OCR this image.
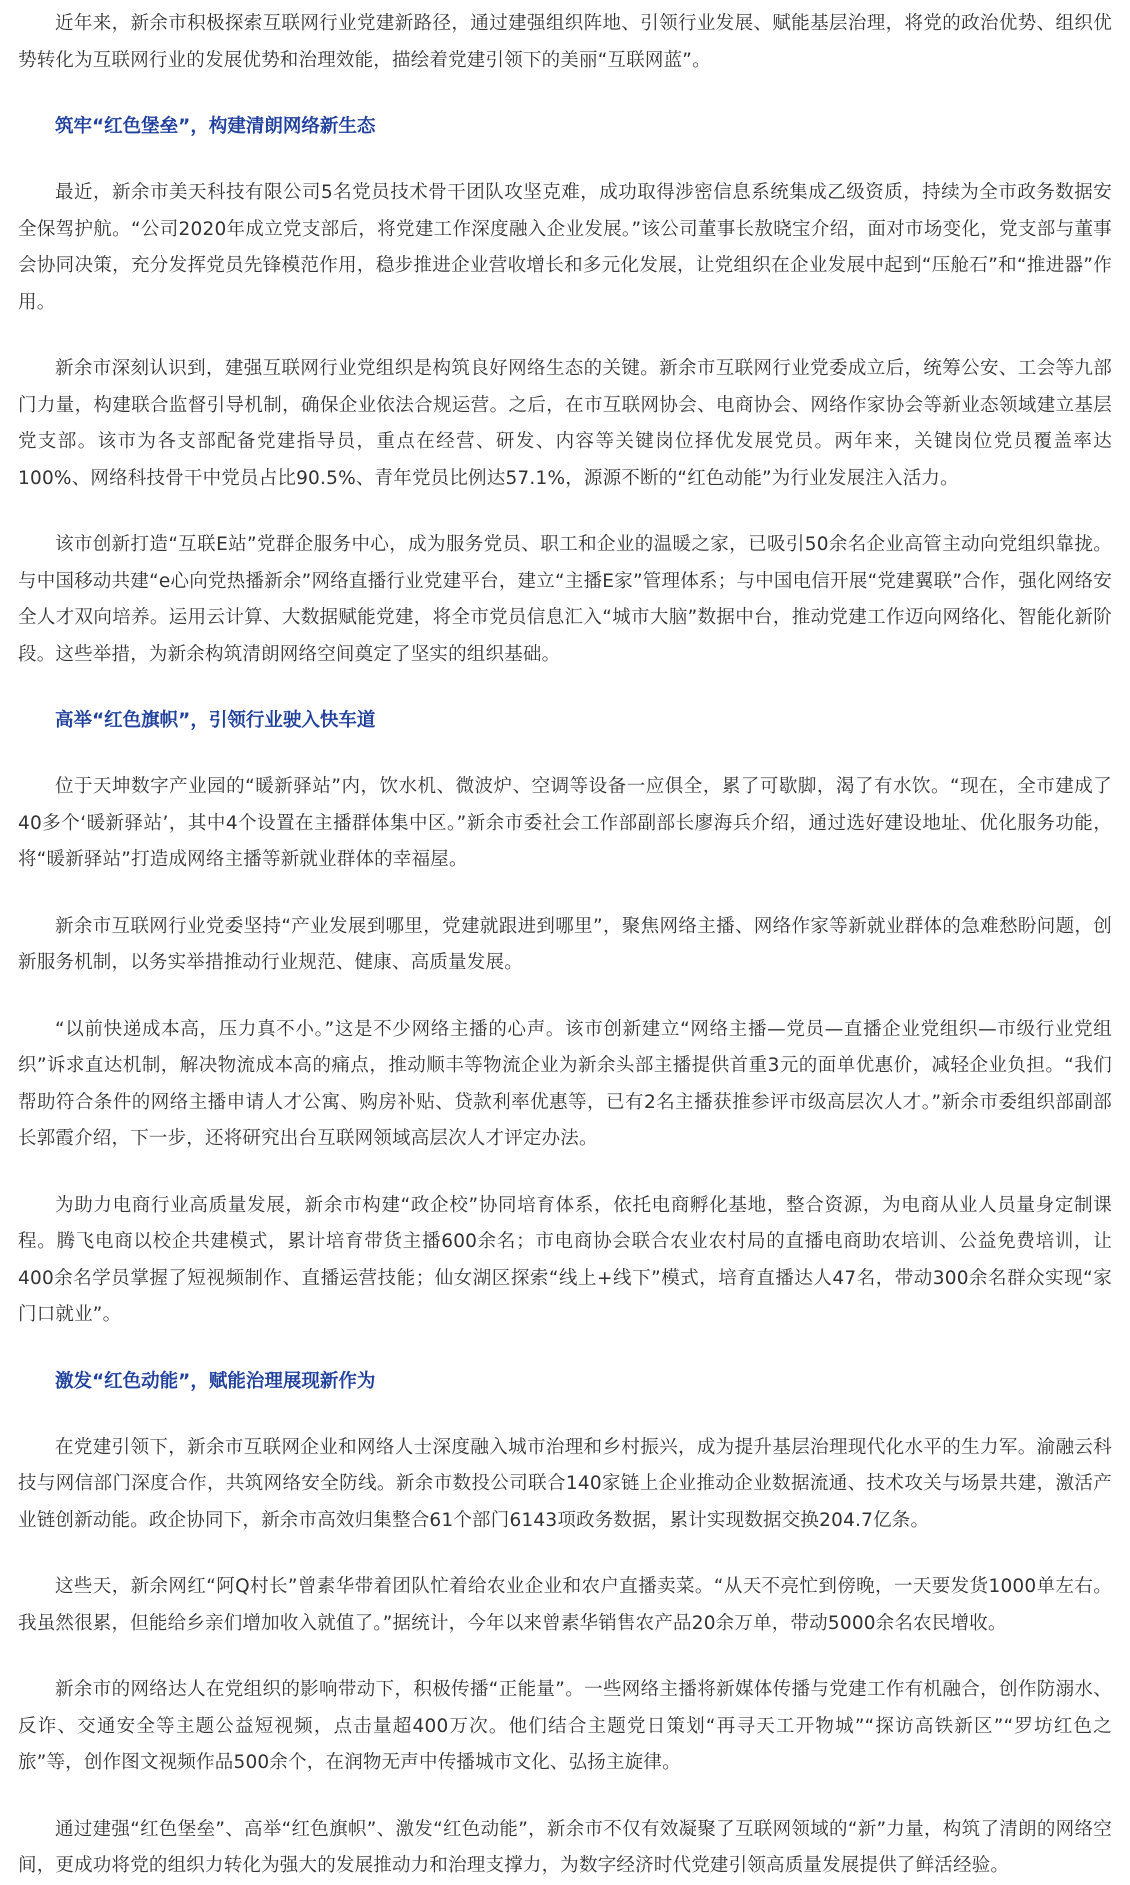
近年来，新余市积极探索互联网行业党建新路径，通过建强组织阵地、引领行业发展、赋能基层治理，将党的政治优势、组织优势转化为互联网行业的发展优势和治理效能，描绘着党建引领下的美丽“互联网蓝”。

筑牢“红色堡垒”，构建清朗网络新生态

最近，新余市美天科技有限公司5名党员技术骨干团队攻坚克难，成功取得涉密信息系统集成乙级资质，持续为全市政务数据安全保驾护航。“公司2020年成立党支部后，将党建工作深度融入企业发展。”该公司董事长敖晓宝介绍，面对市场变化，党支部与董事会协同决策，充分发挥党员先锋模范作用，稳步推进企业营收增长和多元化发展，让党组织在企业发展中起到“压舱石”和“推进器”作用。

新余市深刻认识到，建强互联网行业党组织是构筑良好网络生态的关键。新余市互联网行业党委成立后，统筹公安、工会等九部门力量，构建联合监督引导机制，确保企业依法合规运营。之后，在市互联网协会、电商协会、网络作家协会等新业态领域建立基层党支部。该市为各支部配备党建指导员，重点在经营、研发、内容等关键岗位择优发展党员。两年来，关键岗位党员覆盖率达100%、网络科技骨干中党员占比90.5%、青年党员比例达57.1%，源源不断的“红色动能”为行业发展注入活力。

该市创新打造“互联E站”党群企服务中心，成为服务党员、职工和企业的温暖之家，已吸引50余名企业高管主动向党组织靠拢。与中国移动共建“e心向党热播新余”网络直播行业党建平台，建立“主播E家”管理体系；与中国电信开展“党建翼联”合作，强化网络安全人才双向培养。运用云计算、大数据赋能党建，将全市党员信息汇入“城市大脑”数据中台，推动党建工作迈向网络化、智能化新阶段。这些举措，为新余构筑清朗网络空间奠定了坚实的组织基础。

高举“红色旗帜”，引领行业驶入快车道

位于天坤数字产业园的“暖新驿站”内，饮水机、微波炉、空调等设备一应俱全，累了可歇脚，渴了有水饮。“现在，全市建成了40多个‘暖新驿站’，其中4个设置在主播群体集中区。”新余市委社会工作部副部长廖海兵介绍，通过选好建设地址、优化服务功能，将“暖新驿站”打造成网络主播等新就业群体的幸福屋。

新余市互联网行业党委坚持“产业发展到哪里，党建就跟进到哪里”，聚焦网络主播、网络作家等新就业群体的急难愁盼问题，创新服务机制，以务实举措推动行业规范、健康、高质量发展。

“以前快递成本高，压力真不小。”这是不少网络主播的心声。该市创新建立“网络主播—党员—直播企业党组织—市级行业党组织”诉求直达机制，解决物流成本高的痛点，推动顺丰等物流企业为新余头部主播提供首重3元的面单优惠价，减轻企业负担。“我们帮助符合条件的网络主播申请人才公寓、购房补贴、贷款利率优惠等，已有2名主播获推参评市级高层次人才。”新余市委组织部副部长郭霞介绍，下一步，还将研究出台互联网领域高层次人才评定办法。

为助力电商行业高质量发展，新余市构建“政企校”协同培育体系，依托电商孵化基地，整合资源，为电商从业人员量身定制课程。腾飞电商以校企共建模式，累计培育带货主播600余名；市电商协会联合农业农村局的直播电商助农培训、公益免费培训，让400余名学员掌握了短视频制作、直播运营技能；仙女湖区探索“线上+线下”模式，培育直播达人47名，带动300余名群众实现“家门口就业”。

激发“红色动能”，赋能治理展现新作为

在党建引领下，新余市互联网企业和网络人士深度融入城市治理和乡村振兴，成为提升基层治理现代化水平的生力军。渝融云科技与网信部门深度合作，共筑网络安全防线。新余市数投公司联合140家链上企业推动企业数据流通、技术攻关与场景共建，激活产业链创新动能。政企协同下，新余市高效归集整合61个部门6143项政务数据，累计实现数据交换204.7亿条。

这些天，新余网红“阿Q村长”曾素华带着团队忙着给农业企业和农户直播卖菜。“从天不亮忙到傍晚，一天要发货1000单左右。我虽然很累，但能给乡亲们增加收入就值了。”据统计，今年以来曾素华销售农产品20余万单，带动5000余名农民增收。

新余市的网络达人在党组织的影响带动下，积极传播“正能量”。一些网络主播将新媒体传播与党建工作有机融合，创作防溺水、反诈、交通安全等主题公益短视频，点击量超400万次。他们结合主题党日策划“再寻天工开物城”“探访高铁新区”“罗坊红色之旅”等，创作图文视频作品500余个，在润物无声中传播城市文化、弘扬主旋律。

通过建强“红色堡垒”、高举“红色旗帜”、激发“红色动能”，新余市不仅有效凝聚了互联网领域的“新”力量，构筑了清朗的网络空间，更成功将党的组织力转化为强大的发展推动力和治理支撑力，为数字经济时代党建引领高质量发展提供了鲜活经验。
